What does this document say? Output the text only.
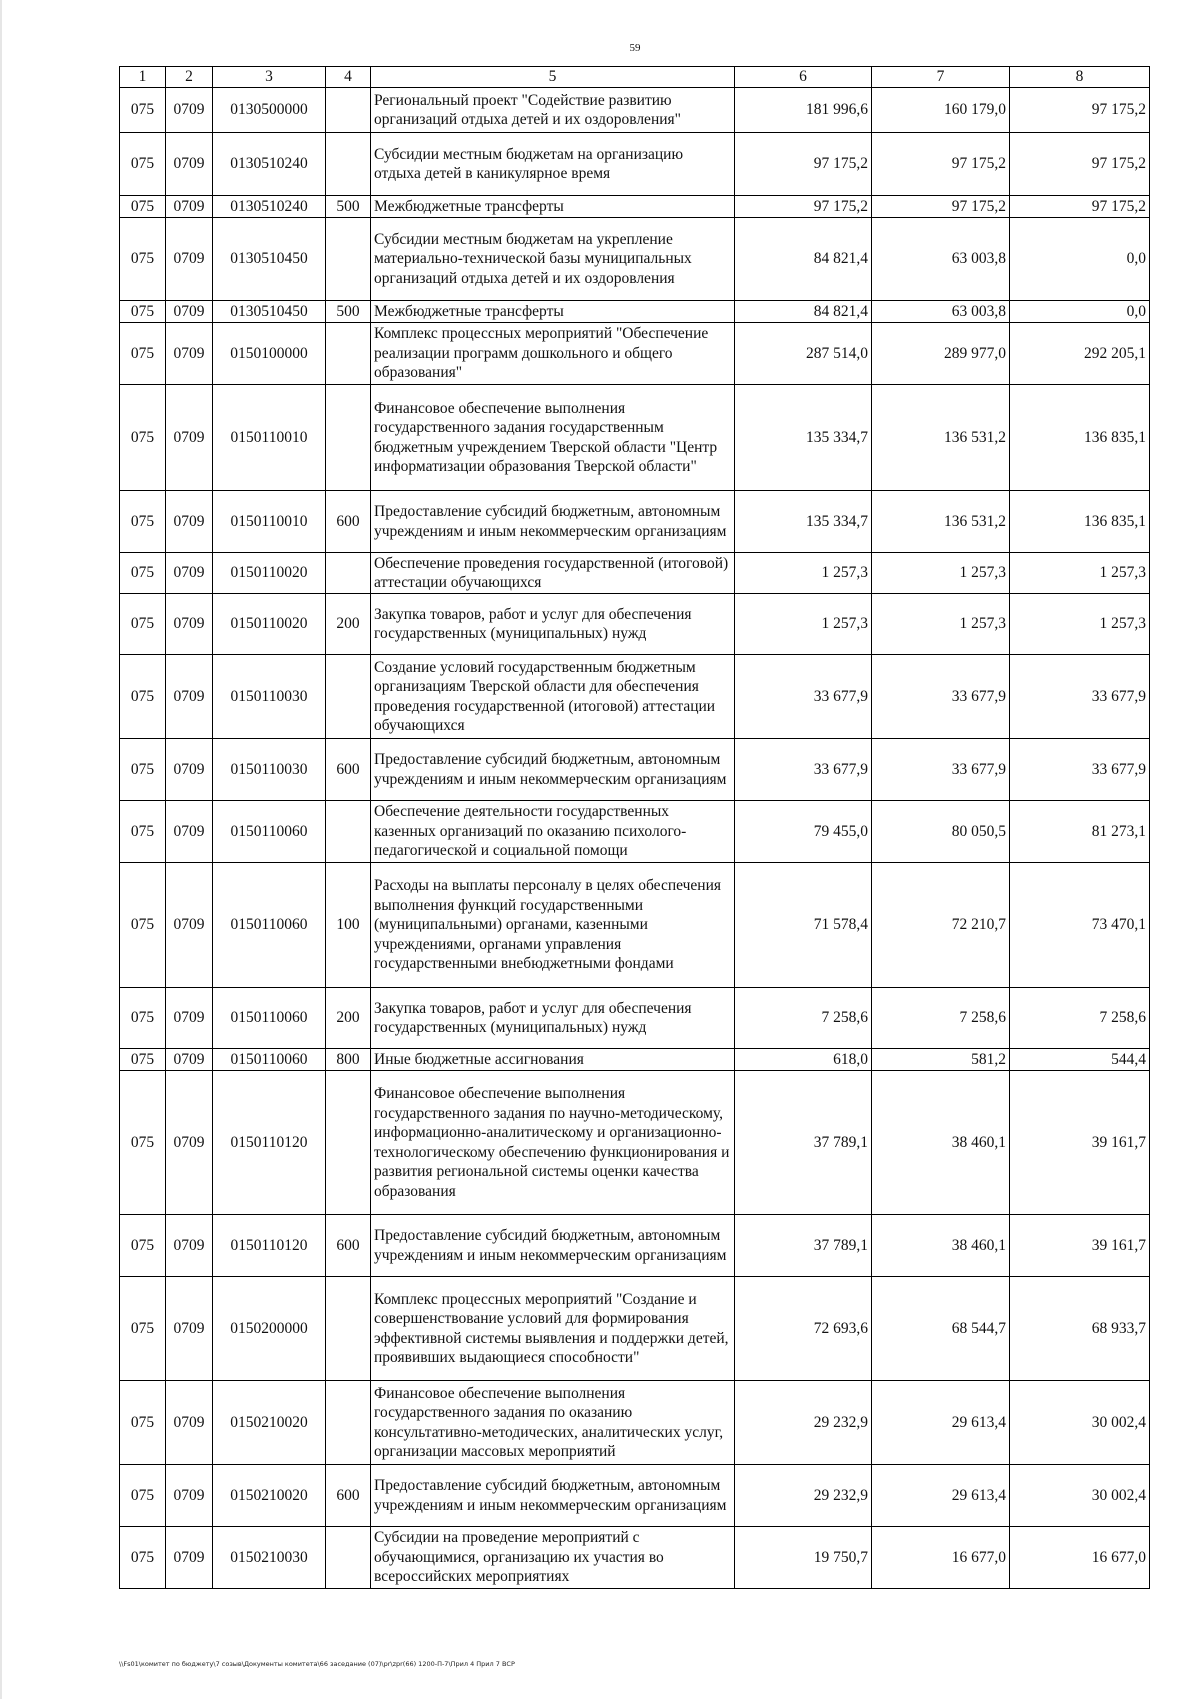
59
1	2	3	4	5	6	7	8
075	0709	0130500000		Региональный проект "Содействие развитию организаций отдыха детей и их оздоровления"	181 996,6	160 179,0	97 175,2
075	0709	0130510240		Субсидии местным бюджетам на организацию отдыха детей в каникулярное время	97 175,2	97 175,2	97 175,2
075	0709	0130510240	500	Межбюджетные трансферты	97 175,2	97 175,2	97 175,2
075	0709	0130510450		Субсидии местным бюджетам на укрепление материально-технической базы муниципальных организаций отдыха детей и их оздоровления	84 821,4	63 003,8	0,0
075	0709	0130510450	500	Межбюджетные трансферты	84 821,4	63 003,8	0,0
075	0709	0150100000		Комплекс процессных мероприятий "Обеспечение реализации программ дошкольного и общего образования"	287 514,0	289 977,0	292 205,1
075	0709	0150110010		Финансовое обеспечение выполнения государственного задания государственным бюджетным учреждением Тверской области "Центр информатизации образования Тверской области"	135 334,7	136 531,2	136 835,1
075	0709	0150110010	600	Предоставление субсидий бюджетным, автономным учреждениям и иным некоммерческим организациям	135 334,7	136 531,2	136 835,1
075	0709	0150110020		Обеспечение проведения государственной (итоговой) аттестации обучающихся	1 257,3	1 257,3	1 257,3
075	0709	0150110020	200	Закупка товаров, работ и услуг для обеспечения государственных (муниципальных) нужд	1 257,3	1 257,3	1 257,3
075	0709	0150110030		Создание условий государственным бюджетным организациям Тверской области для обеспечения проведения государственной (итоговой) аттестации обучающихся	33 677,9	33 677,9	33 677,9
075	0709	0150110030	600	Предоставление субсидий бюджетным, автономным учреждениям и иным некоммерческим организациям	33 677,9	33 677,9	33 677,9
075	0709	0150110060		Обеспечение деятельности государственных казенных организаций по оказанию психолого-педагогической и социальной помощи	79 455,0	80 050,5	81 273,1
075	0709	0150110060	100	Расходы на выплаты персоналу в целях обеспечения выполнения функций государственными (муниципальными) органами, казенными учреждениями, органами управления государственными внебюджетными фондами	71 578,4	72 210,7	73 470,1
075	0709	0150110060	200	Закупка товаров, работ и услуг для обеспечения государственных (муниципальных) нужд	7 258,6	7 258,6	7 258,6
075	0709	0150110060	800	Иные бюджетные ассигнования	618,0	581,2	544,4
075	0709	0150110120		Финансовое обеспечение выполнения государственного задания по научно-методическому, информационно-аналитическому и организационно-технологическому обеспечению функционирования и развития региональной системы оценки качества образования	37 789,1	38 460,1	39 161,7
075	0709	0150110120	600	Предоставление субсидий бюджетным, автономным учреждениям и иным некоммерческим организациям	37 789,1	38 460,1	39 161,7
075	0709	0150200000		Комплекс процессных мероприятий "Создание и совершенствование условий для формирования эффективной системы выявления и поддержки детей, проявивших выдающиеся способности"	72 693,6	68 544,7	68 933,7
075	0709	0150210020		Финансовое обеспечение выполнения государственного задания по оказанию консультативно-методических, аналитических услуг, организации массовых мероприятий	29 232,9	29 613,4	30 002,4
075	0709	0150210020	600	Предоставление субсидий бюджетным, автономным учреждениям и иным некоммерческим организациям	29 232,9	29 613,4	30 002,4
075	0709	0150210030		Субсидии на проведение мероприятий с обучающимися, организацию их участия во всероссийских мероприятиях	19 750,7	16 677,0	16 677,0
\\Fs01\комитет по бюджету\7 созыв\Документы комитета\66 заседание (07)\pr\zpr(66) 1200-П-7\Прил 4 Прил 7 ВСР
